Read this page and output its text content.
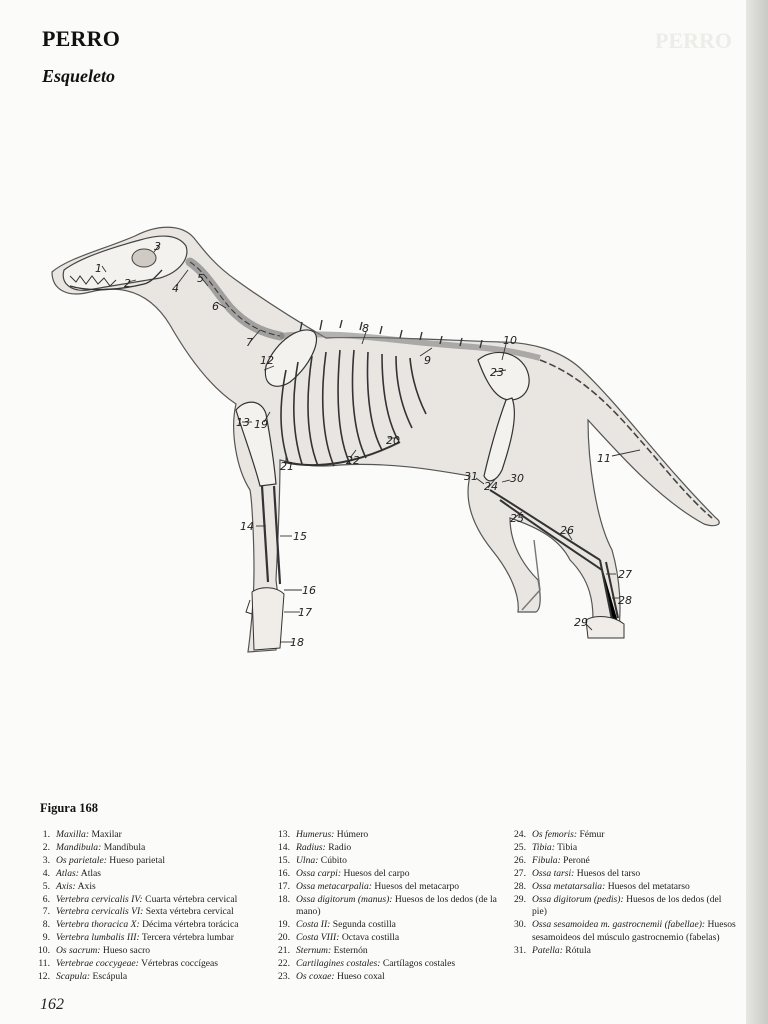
PERRO
PERRO
Esqueleto
1
2
3
4
5
6
7
8
9
10
11
12
13
14
15
16
17
18
19
20
21	22
23
24
25
26
27
28
29
30
31
Figura 168
1. Maxilla: Maxilar
2. Mandibula: Mandíbula
3. Os parietale: Hueso parietal
4. Atlas: Atlas
5. Axis: Axis
6. Vertebra cervicalis IV: Cuarta vértebra cervical
7. Vertebra cervicalis VI: Sexta vértebra cervical
8. Vertebra thoracica X: Décima vértebra torácica
9. Vertebra lumbalis III: Tercera vértebra lumbar
10. Os sacrum: Hueso sacro
11. Vertebrae coccygeae: Vértebras coccígeas
12. Scapula: Escápula
13. Humerus: Húmero
14. Radius: Radio
15. Ulna: Cúbito
16. Ossa carpi: Huesos del carpo
17. Ossa metacarpalia: Huesos del metacarpo
18. Ossa digitorum (manus): Huesos de los dedos (de la mano)
19. Costa II: Segunda costilla
20. Costa VIII: Octava costilla
21. Sternum: Esternón
22. Cartilagines costales: Cartílagos costales
23. Os coxae: Hueso coxal
24. Os femoris: Fémur
25. Tibia: Tibia
26. Fibula: Peroné
27. Ossa tarsi: Huesos del tarso
28. Ossa metatarsalia: Huesos del metatarso
29. Ossa digitorum (pedis): Huesos de los dedos (del pie)
30. Ossa sesamoidea m. gastrocnemii (fabellae): Huesos sesamoideos del músculo gastrocnemio (fabelas)
31. Patella: Rótula
162
